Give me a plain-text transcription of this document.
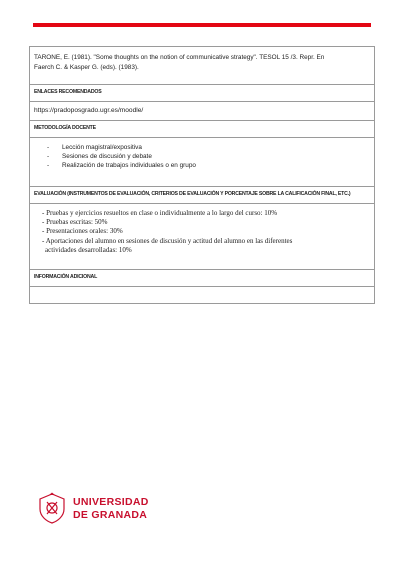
TARONE, E. (1981). "Some thoughts on the notion of communicative strategy". TESOL 15 /3. Repr. En
Faerch C. & Kasper G. (eds). (1983).
ENLACES RECOMENDADOS
https://pradoposgrado.ugr.es/moodle/
METODOLOGÍA DOCENTE
- Lección magistral/expositiva
- Sesiones de discusión y debate
- Realización de trabajos individuales o en grupo
EVALUACIÓN (INSTRUMENTOS DE EVALUACIÓN, CRITERIOS DE EVALUACIÓN Y PORCENTAJE SOBRE LA CALIFICACIÓN FINAL, ETC.)
- Pruebas y ejercicios resueltos en clase o individualmente a lo largo del curso: 10%
- Pruebas escritas: 50%
- Presentaciones orales: 30%
- Aportaciones del alumno en sesiones de discusión y actitud del alumno en las diferentes
actividades desarrolladas: 10%
INFORMACIÓN ADICIONAL
UNIVERSIDAD
DE GRANADA
